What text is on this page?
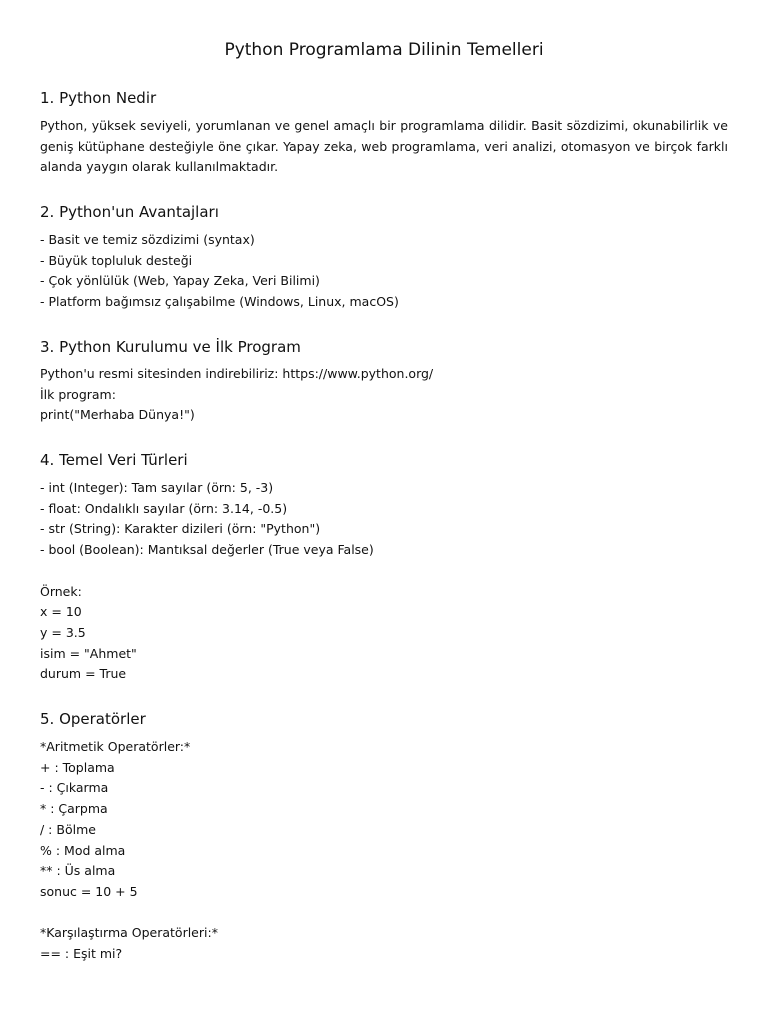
Python Programlama Dilinin Temelleri
1. Python Nedir

Python, yüksek seviyeli, yorumlanan ve genel amaçlı bir programlama dilidir. Basit sözdizimi, okunabilirlik ve geniş kütüphane desteğiyle öne çıkar. Yapay zeka, web programlama, veri analizi, otomasyon ve birçok farklı alanda yaygın olarak kullanılmaktadır.

2. Python'un Avantajları
- Basit ve temiz sözdizimi (syntax)
- Büyük topluluk desteği
- Çok yönlülük (Web, Yapay Zeka, Veri Bilimi)
- Platform bağımsız çalışabilme (Windows, Linux, macOS)
3. Python Kurulumu ve İlk Program
Python'u resmi sitesinden indirebiliriz: https://www.python.org/
İlk program:
print("Merhaba Dünya!")
4. Temel Veri Türleri
- int (Integer): Tam sayılar (örn: 5, -3)
- float: Ondalıklı sayılar (örn: 3.14, -0.5)
- str (String): Karakter dizileri (örn: "Python")
- bool (Boolean): Mantıksal değerler (True veya False)
Örnek:
x = 10
y = 3.5
isim = "Ahmet"
durum = True
5. Operatörler
*Aritmetik Operatörler:*
+ : Toplama
- : Çıkarma
* : Çarpma
/ : Bölme
% : Mod alma
** : Üs alma
sonuc = 10 + 5
*Karşılaştırma Operatörleri:*
== : Eşit mi?
